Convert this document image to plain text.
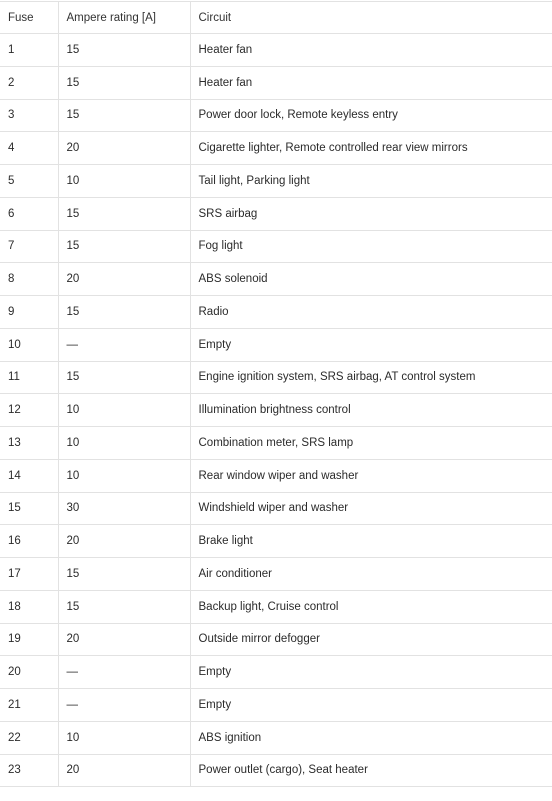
Fuse	Ampere rating [A]	Circuit
1	15	Heater fan
2	15	Heater fan
3	15	Power door lock, Remote keyless entry
4	20	Cigarette lighter, Remote controlled rear view mirrors
5	10	Tail light, Parking light
6	15	SRS airbag
7	15	Fog light
8	20	ABS solenoid
9	15	Radio
10	—	Empty
11	15	Engine ignition system, SRS airbag, AT control system
12	10	Illumination brightness control
13	10	Combination meter, SRS lamp
14	10	Rear window wiper and washer
15	30	Windshield wiper and washer
16	20	Brake light
17	15	Air conditioner
18	15	Backup light, Cruise control
19	20	Outside mirror defogger
20	—	Empty
21	—	Empty
22	10	ABS ignition
23	20	Power outlet (cargo), Seat heater
